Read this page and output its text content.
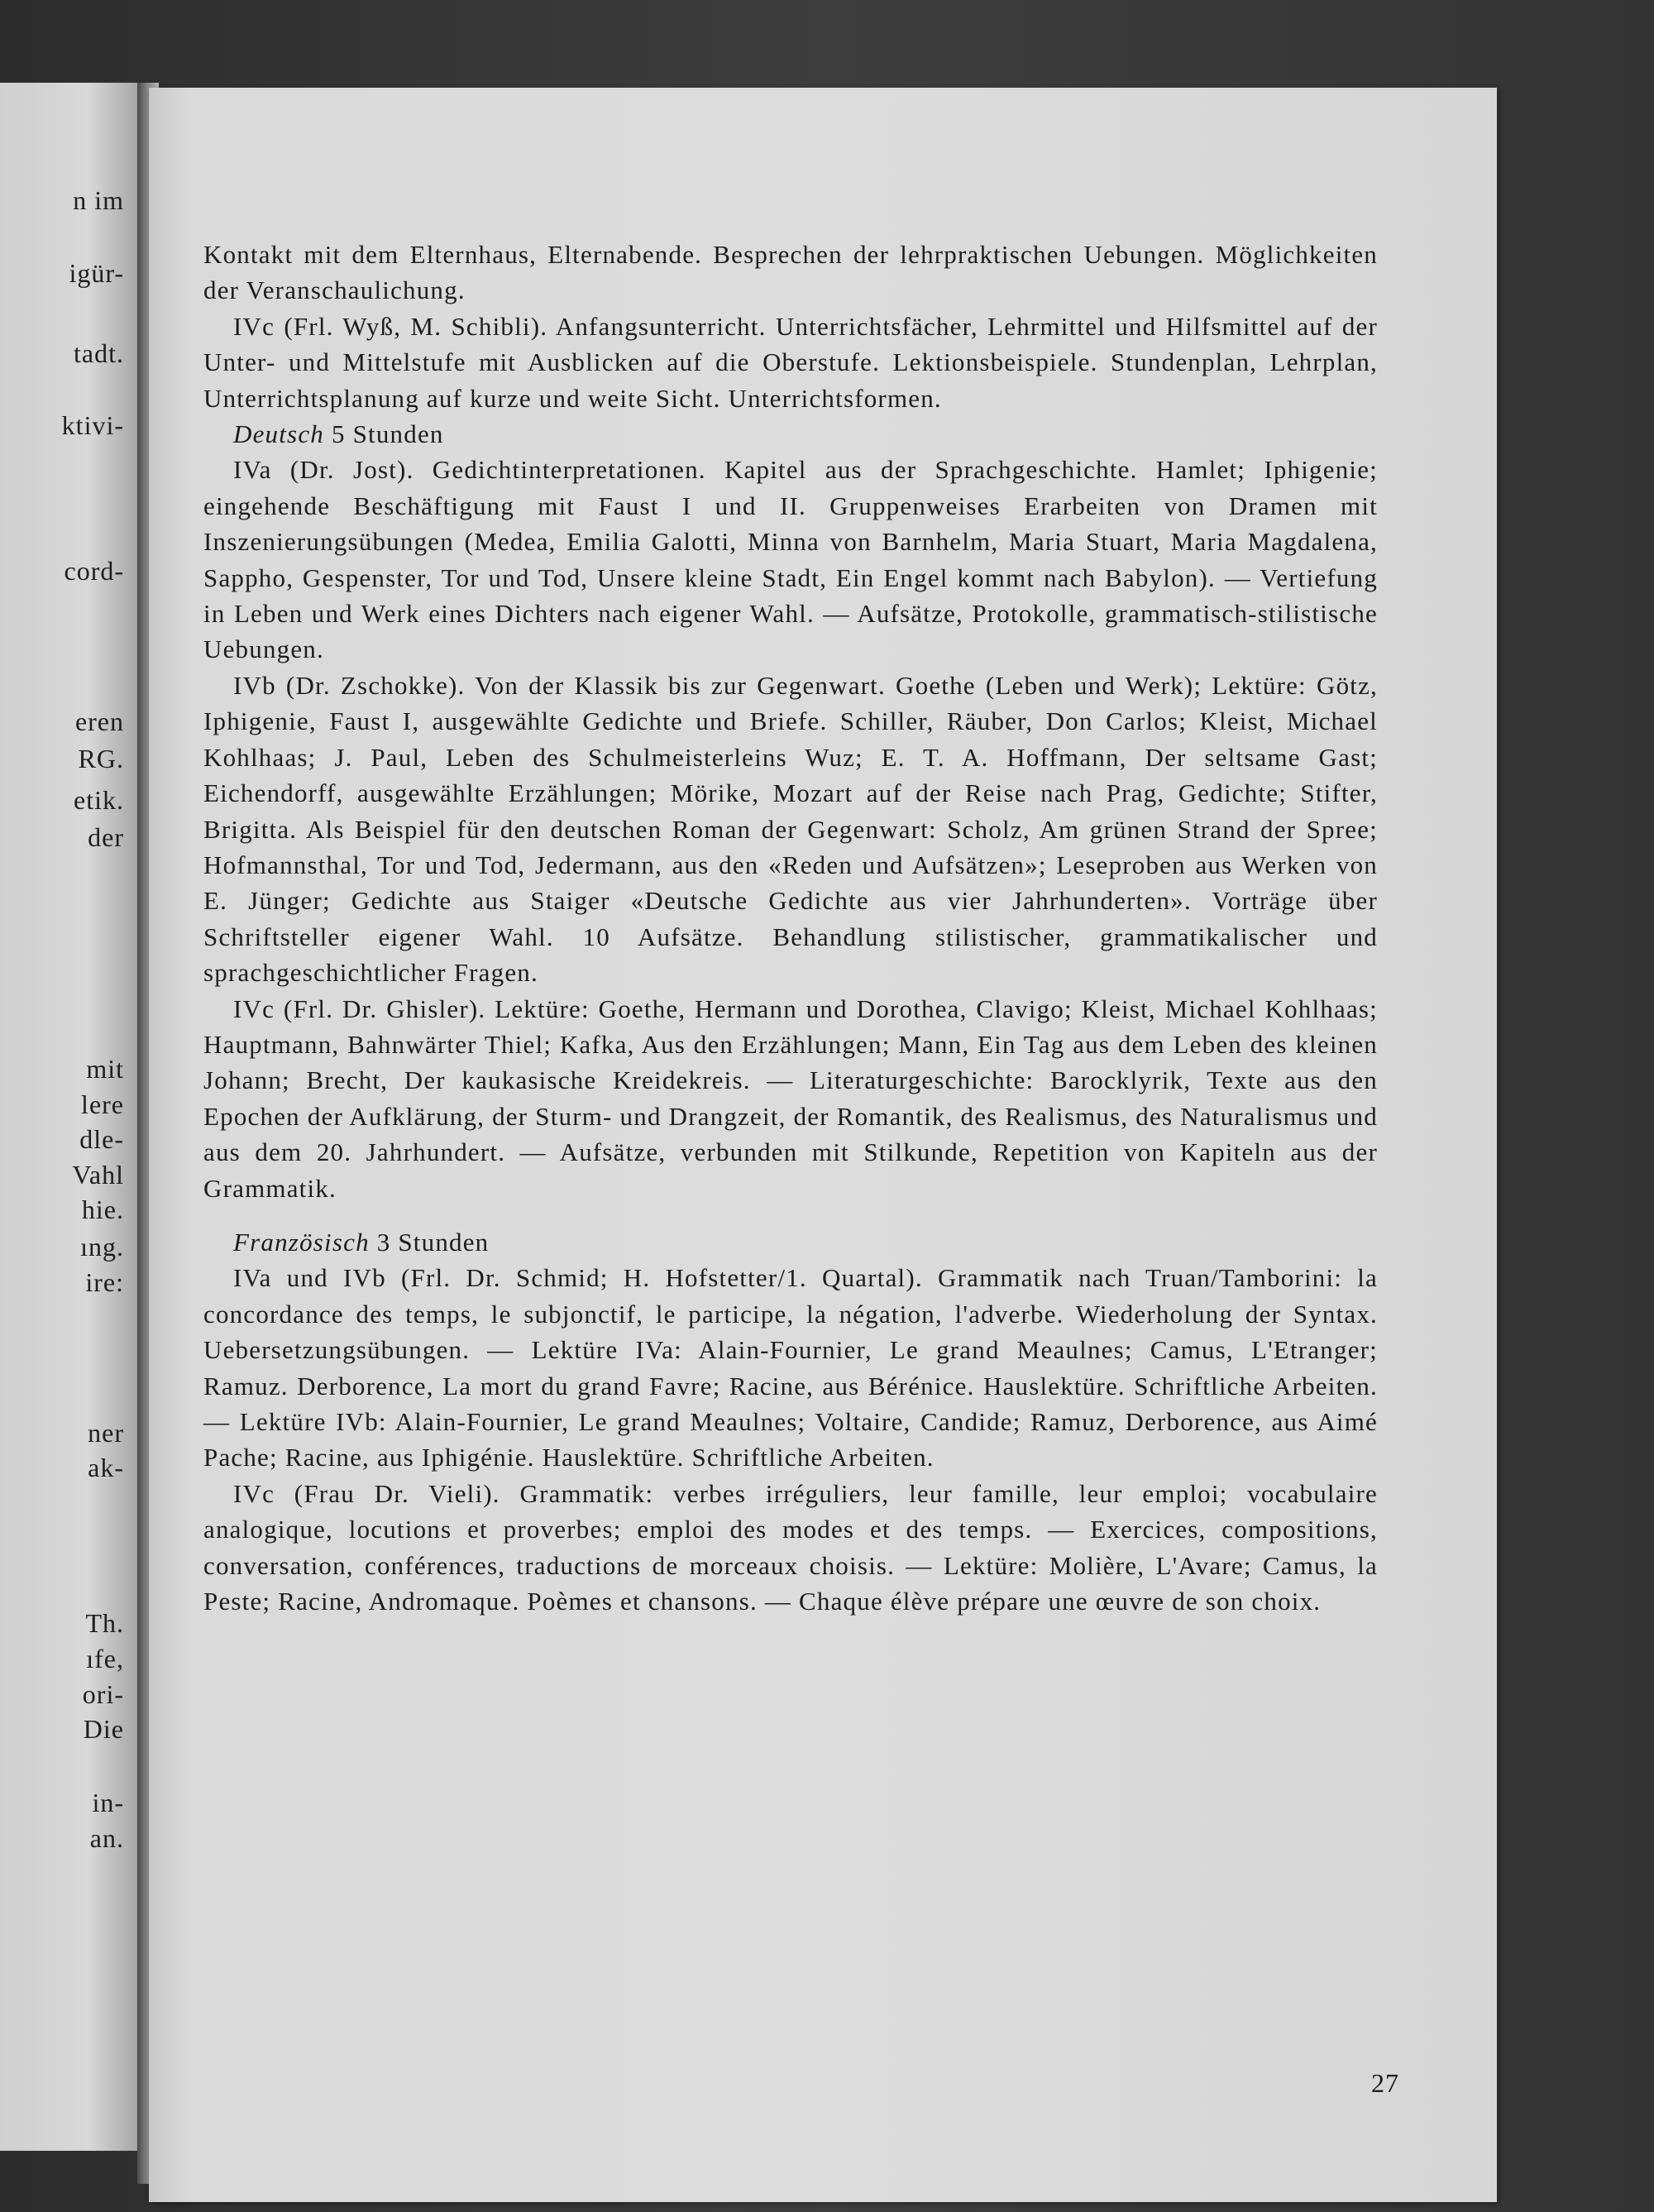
n im
igür-
tadt.
ktivi-
cord-
eren
RG.
etik.
der
mit
lere
dle-
Vahl
hie.
ıng.
ire:
ner
ak-
Th.
ıfe,
ori-
Die
in-
an.

Kontakt mit dem Elternhaus, Elternabende. Besprechen der lehrpraktischen Uebungen. Möglichkeiten der Veranschaulichung.

IVc (Frl. Wyß, M. Schibli). Anfangsunterricht. Unterrichtsfächer, Lehrmittel und Hilfsmittel auf der Unter- und Mittelstufe mit Ausblicken auf die Oberstufe. Lektionsbeispiele. Stundenplan, Lehrplan, Unterrichtsplanung auf kurze und weite Sicht. Unterrichtsformen.

Deutsch 5 Stunden

IVa (Dr. Jost). Gedichtinterpretationen. Kapitel aus der Sprachgeschichte. Hamlet; Iphigenie; eingehende Beschäftigung mit Faust I und II. Gruppenweises Erarbeiten von Dramen mit Inszenierungsübungen (Medea, Emilia Galotti, Minna von Barnhelm, Maria Stuart, Maria Magdalena, Sappho, Gespenster, Tor und Tod, Unsere kleine Stadt, Ein Engel kommt nach Babylon). — Vertiefung in Leben und Werk eines Dichters nach eigener Wahl. — Aufsätze, Protokolle, grammatisch-stilistische Uebungen.

IVb (Dr. Zschokke). Von der Klassik bis zur Gegenwart. Goethe (Leben und Werk); Lektüre: Götz, Iphigenie, Faust I, ausgewählte Gedichte und Briefe. Schiller, Räuber, Don Carlos; Kleist, Michael Kohlhaas; J. Paul, Leben des Schulmeisterleins Wuz; E. T. A. Hoffmann, Der seltsame Gast; Eichendorff, ausgewählte Erzählungen; Mörike, Mozart auf der Reise nach Prag, Gedichte; Stifter, Brigitta. Als Beispiel für den deutschen Roman der Gegenwart: Scholz, Am grünen Strand der Spree; Hofmannsthal, Tor und Tod, Jedermann, aus den «Reden und Aufsätzen»; Leseproben aus Werken von E. Jünger; Gedichte aus Staiger «Deutsche Gedichte aus vier Jahrhunderten». Vorträge über Schriftsteller eigener Wahl. 10 Aufsätze. Behandlung stilistischer, grammatikalischer und sprachgeschichtlicher Fragen.

IVc (Frl. Dr. Ghisler). Lektüre: Goethe, Hermann und Dorothea, Clavigo; Kleist, Michael Kohlhaas; Hauptmann, Bahnwärter Thiel; Kafka, Aus den Erzählungen; Mann, Ein Tag aus dem Leben des kleinen Johann; Brecht, Der kaukasische Kreidekreis. — Literaturgeschichte: Barocklyrik, Texte aus den Epochen der Aufklärung, der Sturm- und Drangzeit, der Romantik, des Realismus, des Naturalismus und aus dem 20. Jahrhundert. — Aufsätze, verbunden mit Stilkunde, Repetition von Kapiteln aus der Grammatik.

Französisch 3 Stunden

IVa und IVb (Frl. Dr. Schmid; H. Hofstetter/1. Quartal). Grammatik nach Truan/Tamborini: la concordance des temps, le subjonctif, le participe, la négation, l'adverbe. Wiederholung der Syntax. Uebersetzungsübungen. — Lektüre IVa: Alain-Fournier, Le grand Meaulnes; Camus, L'Etranger; Ramuz. Derborence, La mort du grand Favre; Racine, aus Bérénice. Hauslektüre. Schriftliche Arbeiten. — Lektüre IVb: Alain-Fournier, Le grand Meaulnes; Voltaire, Candide; Ramuz, Derborence, aus Aimé Pache; Racine, aus Iphigénie. Hauslektüre. Schriftliche Arbeiten.

IVc (Frau Dr. Vieli). Grammatik: verbes irréguliers, leur famille, leur emploi; vocabulaire analogique, locutions et proverbes; emploi des modes et des temps. — Exercices, compositions, conversation, conférences, traductions de morceaux choisis. — Lektüre: Molière, L'Avare; Camus, la Peste; Racine, Andromaque. Poèmes et chansons. — Chaque élève prépare une œuvre de son choix.

27
